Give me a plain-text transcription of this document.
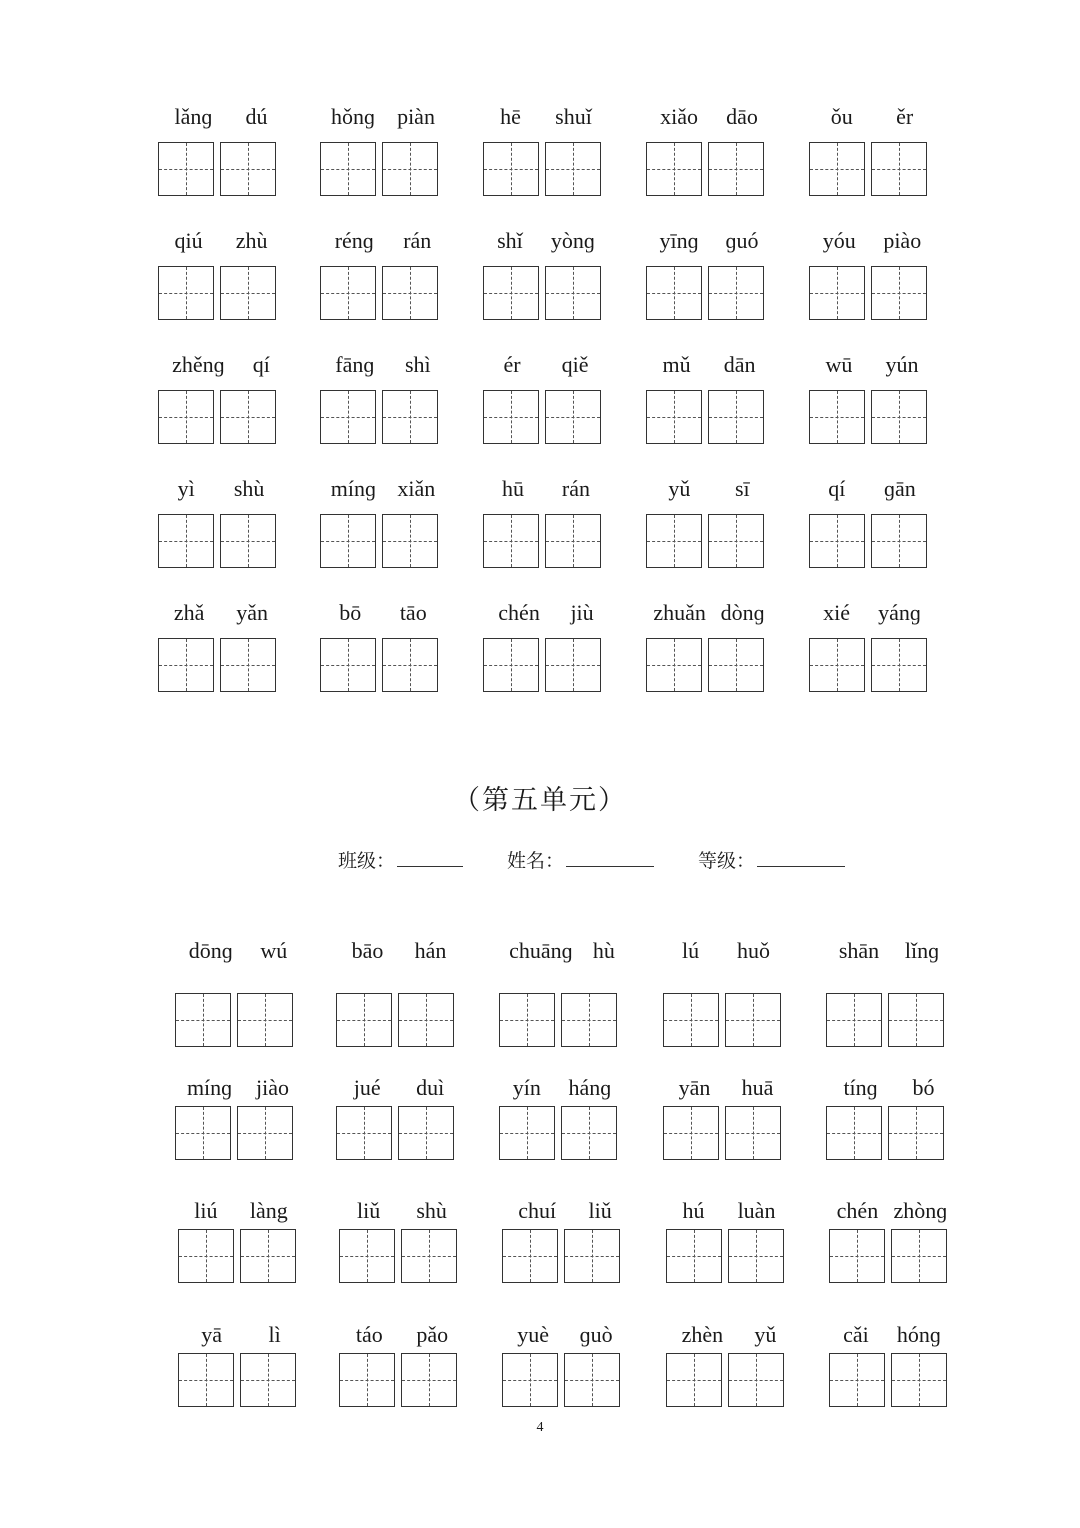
lǎnɡ dú	hǒnɡ piàn	hē shuǐ	xiǎo dāo	ǒu ěr
qiú zhù	rénɡ rán	shǐ yònɡ	yīnɡ ɡuó	yóu piào
zhěnɡ qí	fānɡ shì	ér qiě	mǔ dān	wū yún
yì shù	mínɡ xiǎn	hū rán	yǔ sī	qí ɡān
zhǎ yǎn	bō tāo	chén jiù	zhuǎn dònɡ	xié yánɡ
dōnɡ wú	bāo hán	chuānɡ hù	lú huǒ	shān lǐnɡ
mínɡ jiào	jué duì	yín hánɡ	yān huā	tínɡ bó
liú làng	liǔ shù	chuí liǔ	hú luàn	chén zhònɡ
yā lì	táo pǎo	yuè ɡuò	zhèn yǔ	cǎi hónɡ
（第五单元）
班级：	姓名：	等级：
4
